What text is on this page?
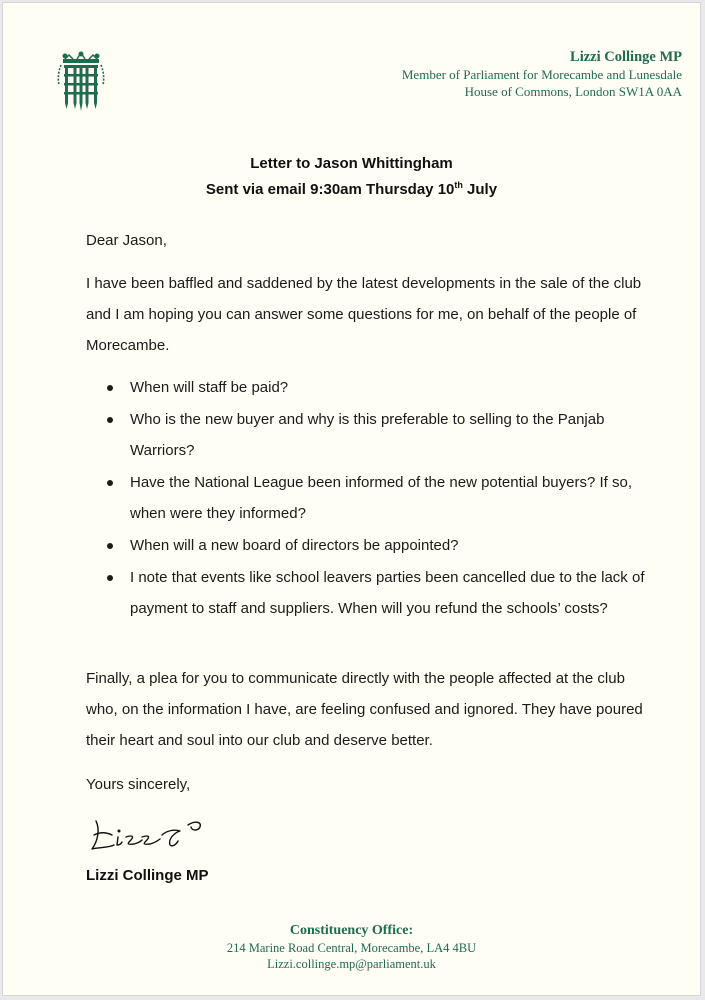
Lizzi Collinge MP
Member of Parliament for Morecambe and Lunesdale
House of Commons, London SW1A 0AA
Letter to Jason Whittingham
Sent via email 9:30am Thursday 10th July

Dear Jason,

I have been baffled and saddened by the latest developments in the sale of the club and I am hoping you can answer some questions for me, on behalf of the people of Morecambe.

When will staff be paid?
Who is the new buyer and why is this preferable to selling to the Panjab Warriors?
Have the National League been informed of the new potential buyers? If so, when were they informed?
When will a new board of directors be appointed?
I note that events like school leavers parties been cancelled due to the lack of payment to staff and suppliers. When will you refund the schools’ costs?

Finally, a plea for you to communicate directly with the people affected at the club who, on the information I have, are feeling confused and ignored. They have poured their heart and soul into our club and deserve better.

Yours sincerely,

Lizzi Collinge MP
Constituency Office:
214 Marine Road Central, Morecambe, LA4 4BU
Lizzi.collinge.mp@parliament.uk
